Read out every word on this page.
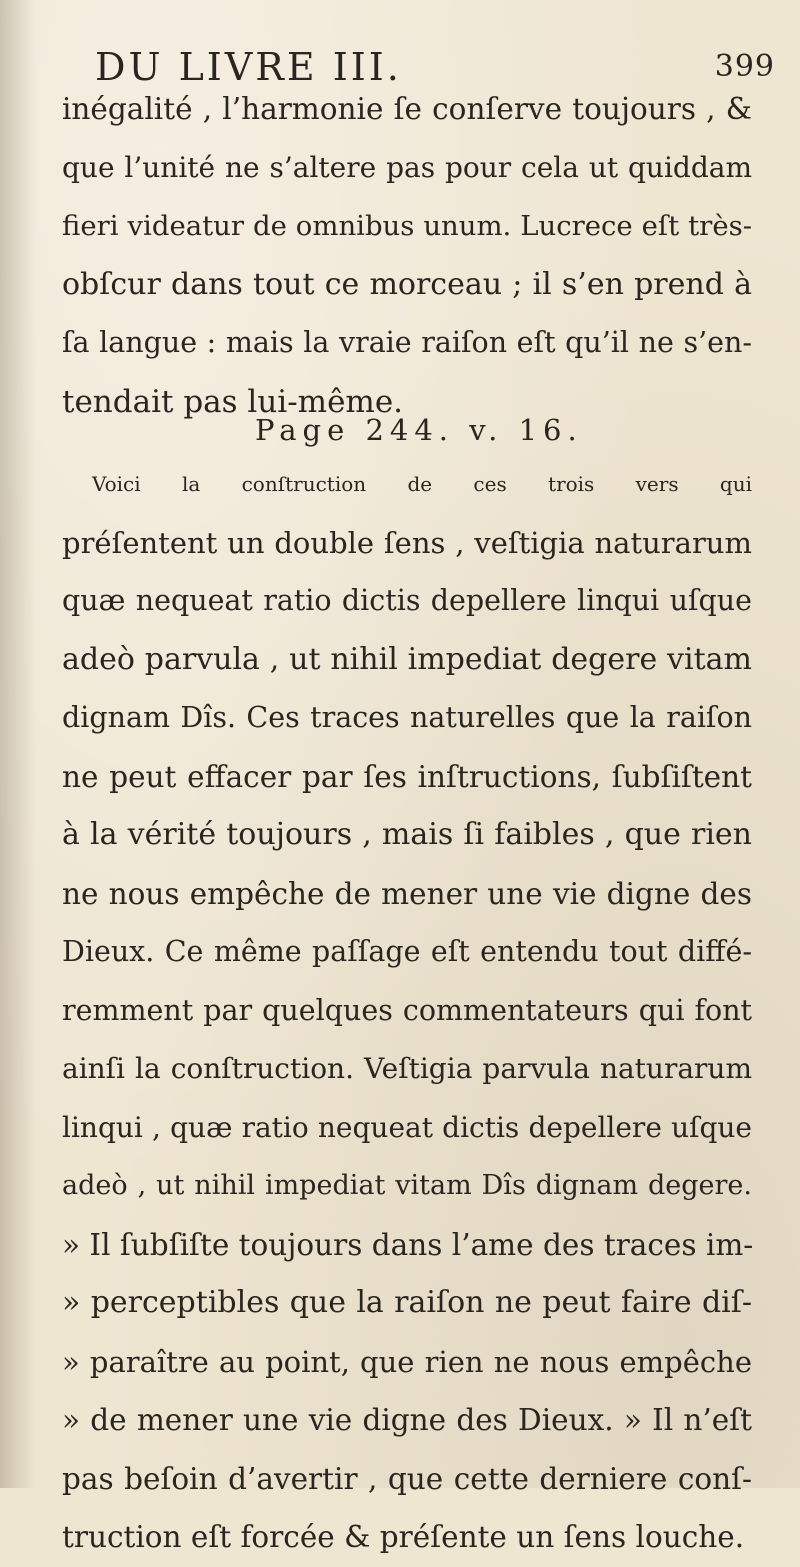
DU LIVRE III.	399
inégalité , l’harmonie ſe conſerve toujours , &
que l’unité ne s’altere pas pour cela ut quiddam
fieri videatur de omnibus unum. Lucrece eſt très-
obſcur dans tout ce morceau ; il s’en prend à
ſa langue : mais la vraie raiſon eſt qu’il ne s’en-
tendait pas lui-même.
Page 244. v. 16.
Voici la conſtruction de ces trois vers qui
préſentent un double ſens , veſtigia naturarum
quæ nequeat ratio dictis depellere linqui uſque
adeò parvula , ut nihil impediat degere vitam
dignam Dîs. Ces traces naturelles que la raiſon
ne peut effacer par ſes inſtructions, ſubſiſtent
à la vérité toujours , mais ſi faibles , que rien
ne nous empêche de mener une vie digne des
Dieux. Ce même paſſage eſt entendu tout diffé-
remment par quelques commentateurs qui font
ainſi la conſtruction. Veſtigia parvula naturarum
linqui , quæ ratio nequeat dictis depellere uſque
adeò , ut nihil impediat vitam Dîs dignam degere.
» Il ſubſiſte toujours dans l’ame des traces im-
» perceptibles que la raiſon ne peut faire diſ-
» paraître au point, que rien ne nous empêche
» de mener une vie digne des Dieux. » Il n’eſt
pas beſoin d’avertir , que cette derniere conſ-
truction eſt forcée & préſente un ſens louche.
